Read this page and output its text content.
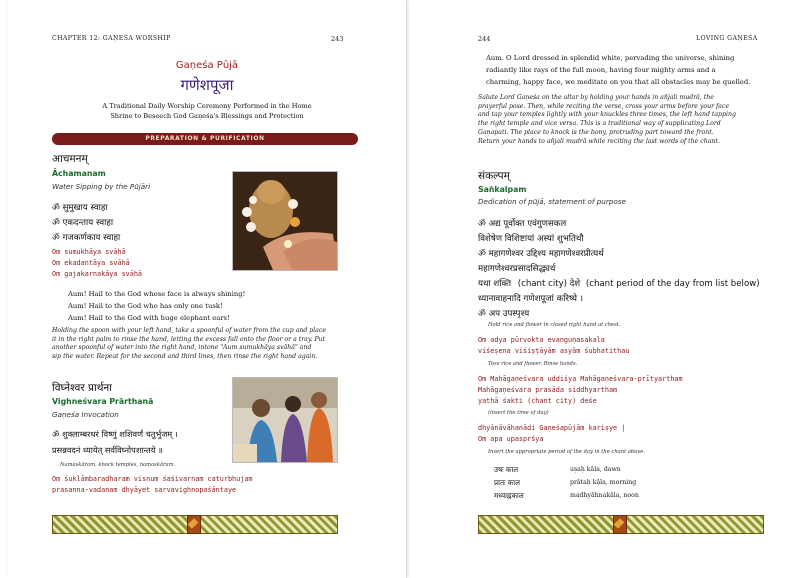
CHAPTER 12: GAṆEŚA WORSHIP	243
Gaṇeśa Pūjā
गणेशपूजा
A Traditional Daily Worship Ceremony Performed in the Home
Shrine to Beseech God Gaṇeśa's Blessings and Protection
PREPARATION & PURIFICATION
आचमनम्
Āchamanam
Water Sipping by the Pūjāri
ॐ सुमुखाय स्वाहा
ॐ एकदन्ताय स्वाहा
ॐ गजकर्णकाय स्वाहा
Om sumukhāya svāhā
Om ekadantāya svāhā
Om gajakarnakāya svāhā
Aum! Hail to the God whose face is always shining!
Aum! Hail to the God who has only one tusk!
Aum! Hail to the God with huge elephant ears!
Holding the spoon with your left hand, take a spoonful of water from the cup and place
it in the right palm to rinse the hand, letting the excess fall onto the floor or a tray. Put
another spoonful of water into the right hand, intone "Aum sumukhāya svāhā" and
sip the water. Repeat for the second and third lines, then rinse the right hand again.
विघ्नेश्वर प्रार्थना
Vighneśvara Prārthanā
Gaṇeśa Invocation
ॐ शुक्लाम्बरधरं विष्णुं शशिवर्णं चतुर्भुजम् ।
प्रसन्नवदनं ध्यायेत् सर्वविघ्नोपशान्तये ॥
Namaskāram, knock temples, namaskāram.
Om śuklāmbaradharam visnum śaśivarnam caturbhujam
prasanna-vadanam dhyāyet sarvavighnopaśāntaye
244	LOVING GAṆEŚA
Aum. O Lord dressed in splendid white, pervading the universe, shining
radiantly like rays of the full moon, having four mighty arms and a
charming, happy face, we meditate on you that all obstacles may be quelled.
Salute Lord Gaṇeśa on the altar by holding your hands in añjali mudrā, the
prayerful pose. Then, while reciting the verse, cross your arms before your face
and tap your temples lightly with your knuckles three times, the left hand tapping
the right temple and vice versa. This is a traditional way of supplicating Lord
Gaṇapati. The place to knock is the bony, protruding part toward the front.
Return your hands to añjali mudrā while reciting the last words of the chant.
संकल्पम्
Saṅkalpam
Dedication of pūjā, statement of purpose
ॐ अद्य पूर्वोक्त एवंगुणसकल
विशेषेण विशिष्टायां अस्यां शुभतिथौ
ॐ महागणेश्वर उद्दिश्य महागणेश्वरप्रीत्यर्थ
महागणेश्वरप्रसादसिद्ध्यर्थ
यथा शक्ति (chant city) देशे (chant period of the day from list below)
ध्यानावाहनादि गणेशपूजां करिष्ये ।
ॐ अप उपस्पृश्य
Hold rice and flower in closed right hand at chest.
Om adya pūrvokta evanguṇasakala
viśeṣena viśiṣṭāyām asyām śubhatithau
Toss rice and flower. Rinse hands.
Om Mahāgaṇeśvara uddiśya Mahāgaṇeśvara-prītyartham
Mahāgaṇeśvara prasāda siddhyartham
yathā śakti (chant city) deśe
(insert the time of day)
dhyānāvāhanādi Gaṇeśapūjām kariṣye |
Om apa upasprśya
Insert the appropriate period of the day in the chant above.
उषः काल	uṣaḥ kāla, dawn
प्रातः काल	prātaḥ kāla, morning
मध्याह्नकाल	madhyāhnakāla, noon
